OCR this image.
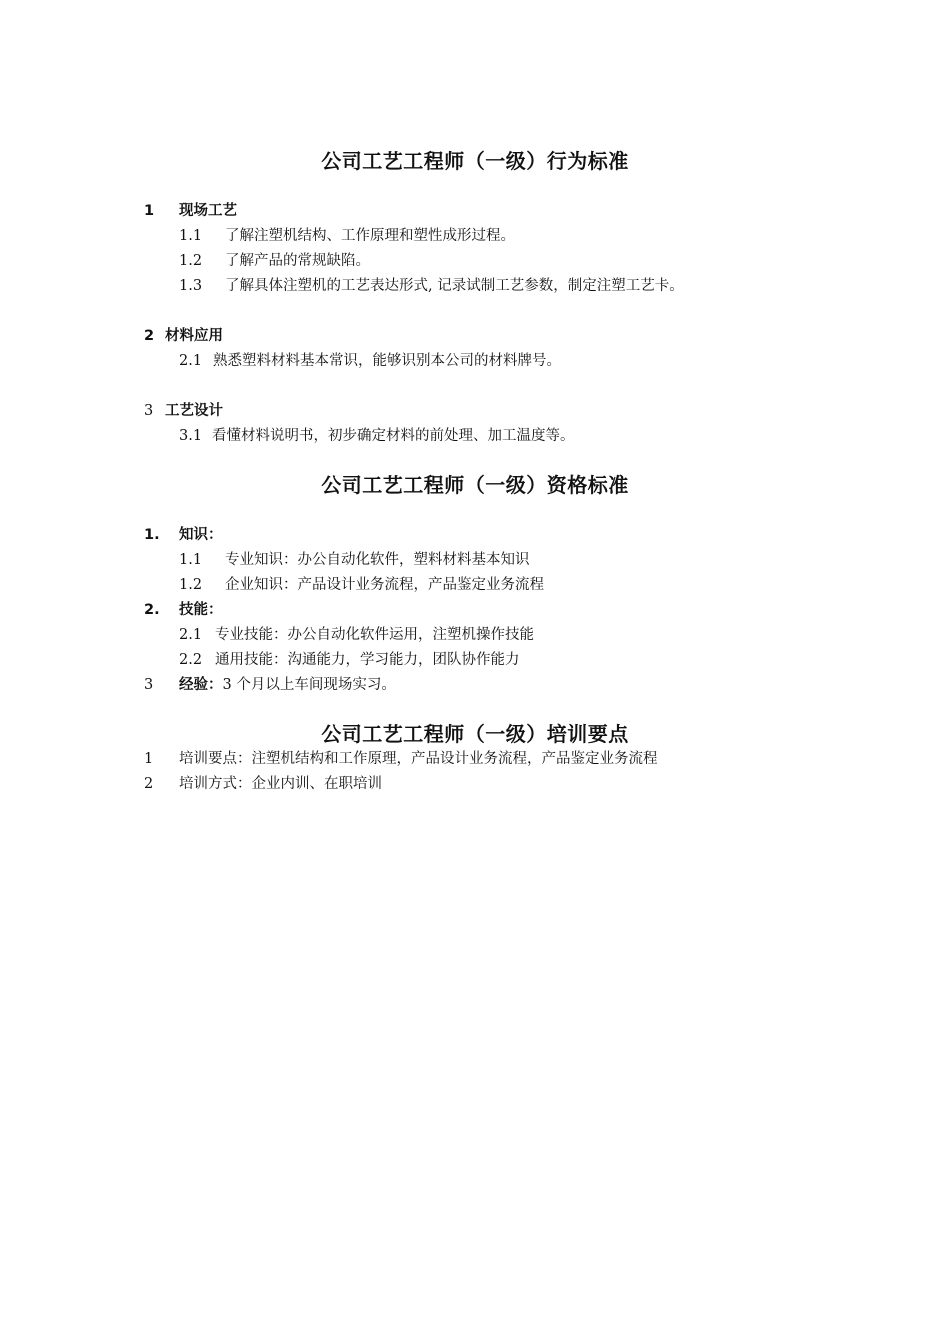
公司工艺工程师（一级）行为标准
1 现场工艺
1.1 了解注塑机结构、工作原理和塑性成形过程。
1.2 了解产品的常规缺陷。
1.3 了解具体注塑机的工艺表达形式, 记录试制工艺参数，制定注塑工艺卡。
2 材料应用
2.1 熟悉塑料材料基本常识，能够识别本公司的材料牌号。
3 工艺设计
3.1 看懂材料说明书，初步确定材料的前处理、加工温度等。
公司工艺工程师（一级）资格标准
1. 知识：
1.1 专业知识：办公自动化软件，塑料材料基本知识
1.2 企业知识：产品设计业务流程，产品鉴定业务流程
2. 技能：
2.1 专业技能：办公自动化软件运用，注塑机操作技能
2.2 通用技能：沟通能力，学习能力，团队协作能力
3 经验：3 个月以上车间现场实习。
公司工艺工程师（一级）培训要点
1 培训要点：注塑机结构和工作原理，产品设计业务流程，产品鉴定业务流程
2 培训方式：企业内训、在职培训
